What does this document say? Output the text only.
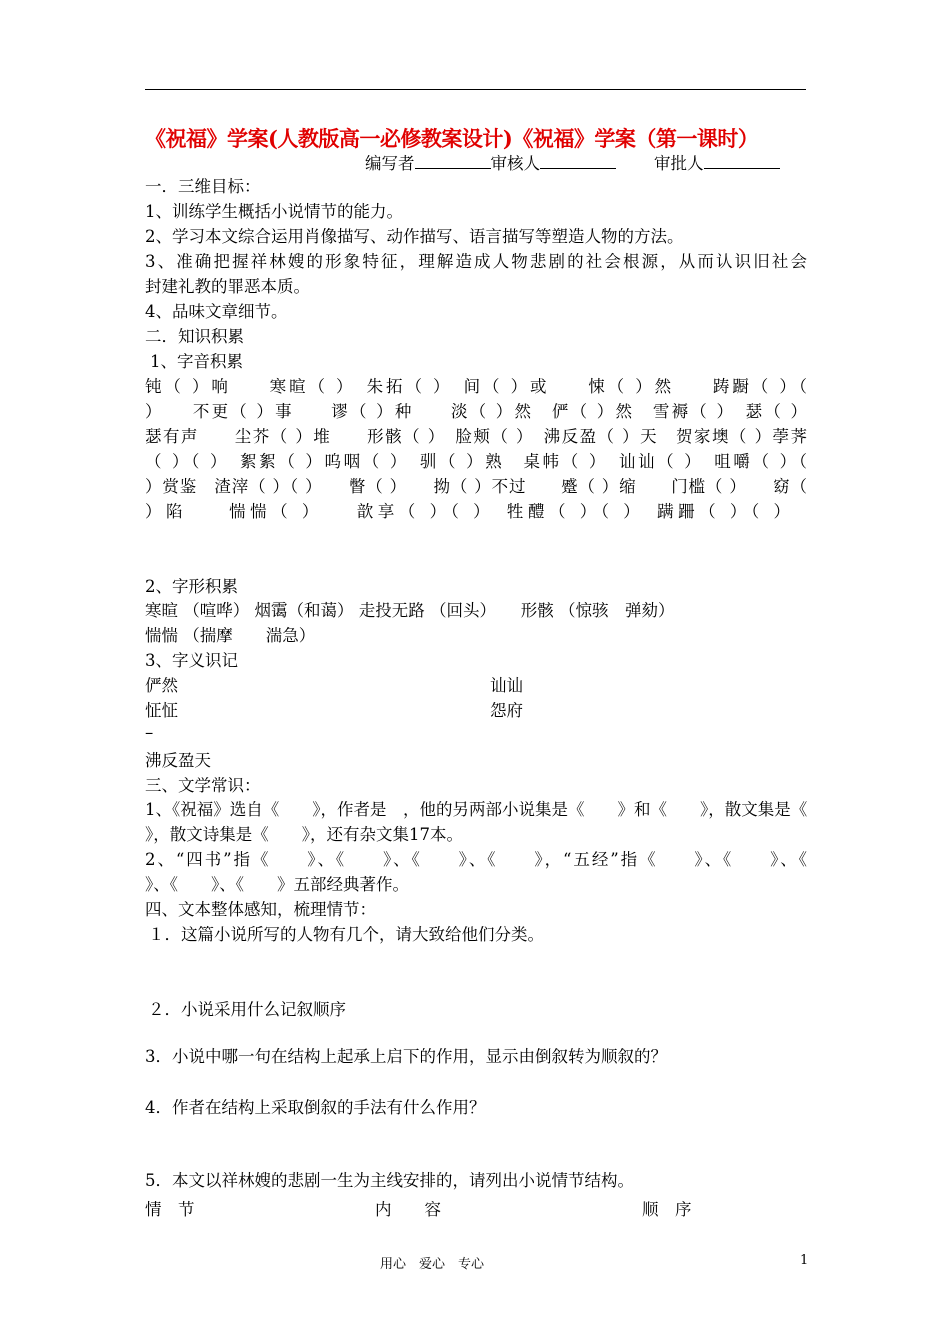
《祝福》学案(人教版高一必修教案设计)《祝福》学案（第一课时）
编写者	审核人	审批人
一．三维目标：
1、训练学生概括小说情节的能力。
2、学习本文综合运用肖像描写、动作描写、语言描写等塑造人物的方法。
3、准确把握祥林嫂的形象特征，理解造成人物悲剧的社会根源，从而认识旧社会
封建礼教的罪恶本质。
4、品味文章细节。
二．知识积累
1、字音积累
钝（ ）响　　寒暄（ ）　朱拓（ ）　间（ ）或　　悚（ ）然　　踌蹰（ ）（
）　　不更（ ）事　　谬（ ）种　　淡（ ）然　俨（ ）然　雪褥（ ）　瑟（ ）
瑟有声　　尘芥（ ）堆　　形骸（ ）　脸颊（ ）　沸反盈（ ）天　贺家墺（ ）荸荠
（ ）（ ）　絮絮（ ）呜咽（ ）　驯（ ）熟　桌帏（ ）　讪讪（ ）　咀嚼（ ）（
）赏鉴　渣滓（ ）（ ）　　瞥（ ）　　拗（ ）不过　　蹙（ ）缩　　门槛（ ）　　窈（
）陷　　惴惴（ ）　　歆享（ ）（ ）　牲醴（ ）（ ）　蹒跚（ ）（ ）
2、字形积累
寒暄 （喧哗） 烟霭（和蔼） 走投无路 （回头）　　形骸 （惊骇　弹劾）
惴惴 （揣摩　　湍急）
3、字义识记
俨然	讪讪
怔怔	怨府
–
沸反盈天
三、文学常识：
1、《祝福》选自《　　》，作者是　，他的另两部小说集是《　　》和《　　》，散文集是《
》，散文诗集是《　　》，还有杂文集17本。
2、“四书”指《　　》、《　　》、《　　》、《　　》，“五经”指《　　》、《　　》、《
》、《　　》、《　　》五部经典著作。
四、文本整体感知，梳理情节：
１．这篇小说所写的人物有几个，请大致给他们分类。
２．小说采用什么记叙顺序
3．小说中哪一句在结构上起承上启下的作用，显示由倒叙转为顺叙的？
4．作者在结构上采取倒叙的手法有什么作用？
5．本文以祥林嫂的悲剧一生为主线安排的，请列出小说情节结构。
情　节	内　　容	顺　序
用心　爱心　专心	1
